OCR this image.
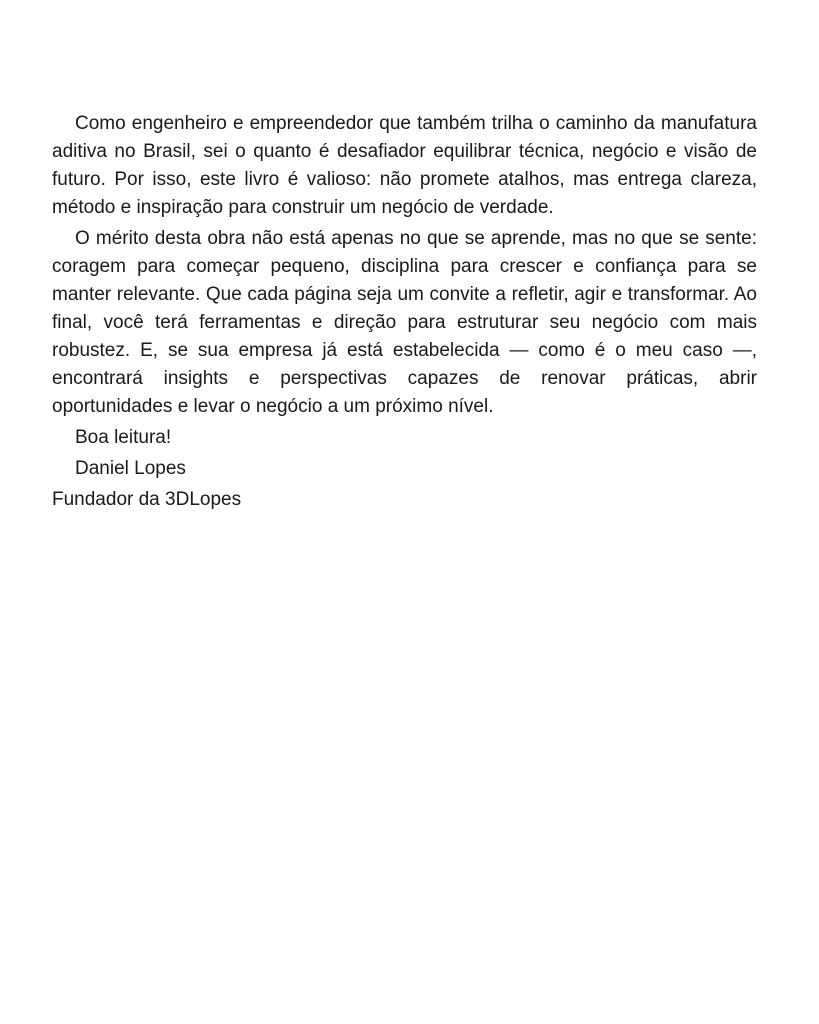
Como engenheiro e empreendedor que também trilha o caminho da manufatura aditiva no Brasil, sei o quanto é desafiador equilibrar técnica, negócio e visão de futuro. Por isso, este livro é valioso: não promete atalhos, mas entrega clareza, método e inspiração para construir um negócio de verdade.

O mérito desta obra não está apenas no que se aprende, mas no que se sente: coragem para começar pequeno, disciplina para crescer e confiança para se manter relevante. Que cada página seja um convite a refletir, agir e transformar. Ao final, você terá ferramentas e direção para estruturar seu negócio com mais robustez. E, se sua empresa já está estabelecida — como é o meu caso —, encontrará insights e perspectivas capazes de renovar práticas, abrir oportunidades e levar o negócio a um próximo nível.

Boa leitura!

Daniel Lopes

Fundador da 3DLopes
